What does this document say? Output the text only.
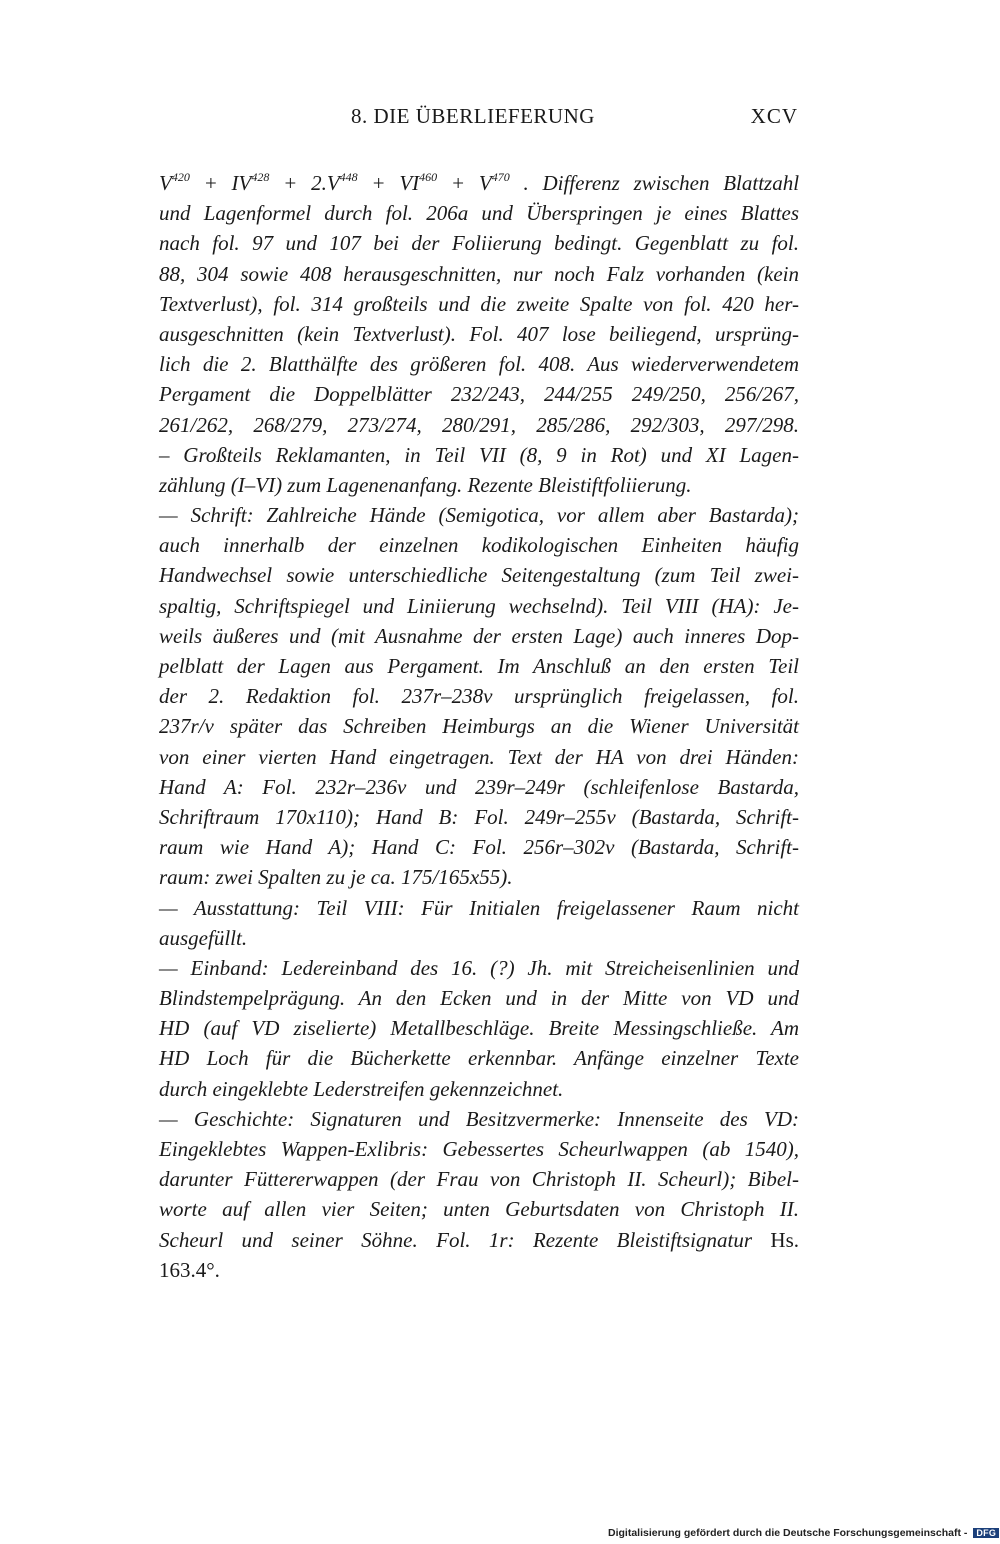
8. DIE ÜBERLIEFERUNG	XCV
$V^{420} + IV^{428} + 2.V^{448} + VI^{460} + V^{470}$ . Differenz zwischen Blattzahl
und Lagenformel durch fol. 206a und Überspringen je eines Blattes
nach fol. 97 und 107 bei der Foliierung bedingt. Gegenblatt zu fol.
88, 304 sowie 408 herausgeschnitten, nur noch Falz vorhanden (kein
Textverlust), fol. 314 großteils und die zweite Spalte von fol. 420 her-
ausgeschnitten (kein Textverlust). Fol. 407 lose beiliegend, ursprüng-
lich die 2. Blatthälfte des größeren fol. 408. Aus wiederverwendetem
Pergament die Doppelblätter 232/243, 244/255 249/250, 256/267,
261/262, 268/279, 273/274, 280/291, 285/286, 292/303, 297/298.
– Großteils Reklamanten, in Teil VII (8, 9 in Rot) und XI Lagen-
zählung (I–VI) zum Lagenenanfang. Rezente Bleistiftfoliierung.
— Schrift: Zahlreiche Hände (Semigotica, vor allem aber Bastarda);
auch innerhalb der einzelnen kodikologischen Einheiten häufig
Handwechsel sowie unterschiedliche Seitengestaltung (zum Teil zwei-
spaltig, Schriftspiegel und Liniierung wechselnd). Teil VIII (HA): Je-
weils äußeres und (mit Ausnahme der ersten Lage) auch inneres Dop-
pelblatt der Lagen aus Pergament. Im Anschluß an den ersten Teil
der 2. Redaktion fol. 237r–238v ursprünglich freigelassen, fol.
237r/v später das Schreiben Heimburgs an die Wiener Universität
von einer vierten Hand eingetragen. Text der HA von drei Händen:
Hand A: Fol. 232r–236v und 239r–249r (schleifenlose Bastarda,
Schriftraum 170x110); Hand B: Fol. 249r–255v (Bastarda, Schrift-
raum wie Hand A); Hand C: Fol. 256r–302v (Bastarda, Schrift-
raum: zwei Spalten zu je ca. 175/165x55).
— Ausstattung: Teil VIII: Für Initialen freigelassener Raum nicht
ausgefüllt.
— Einband: Ledereinband des 16. (?) Jh. mit Streicheisenlinien und
Blindstempelprägung. An den Ecken und in der Mitte von VD und
HD (auf VD ziselierte) Metallbeschläge. Breite Messingschließe. Am
HD Loch für die Bücherkette erkennbar. Anfänge einzelner Texte
durch eingeklebte Lederstreifen gekennzeichnet.
— Geschichte: Signaturen und Besitzvermerke: Innenseite des VD:
Eingeklebtes Wappen-Exlibris: Gebessertes Scheurlwappen (ab 1540),
darunter Füttererwappen (der Frau von Christoph II. Scheurl); Bibel-
worte auf allen vier Seiten; unten Geburtsdaten von Christoph II.
Scheurl und seiner Söhne. Fol. 1r: Rezente Bleistiftsignatur Hs.
163.4°.
Digitalisierung gefördert durch die Deutsche Forschungsgemeinschaft - DFG
